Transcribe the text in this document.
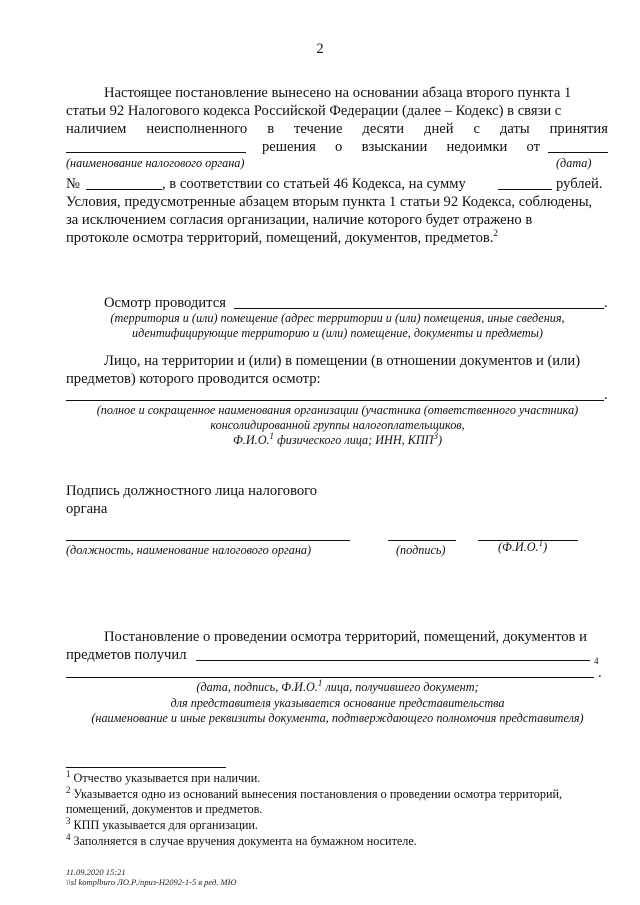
2
Настоящее постановление вынесено на основании абзаца второго пункта 1
статьи 92 Налогового кодекса Российской Федерации (далее – Кодекс) в связи с
наличием неисполненного в течение десяти дней с даты принятия
решения о взыскании недоимки от
(наименование налогового органа)	(дата)
№	, в соответствии со статьей 46 Кодекса, на сумму	рублей.
Условия, предусмотренные абзацем вторым пункта 1 статьи 92 Кодекса, соблюдены,
за исключением согласия организации, наличие которого будет отражено в
протоколе осмотра территорий, помещений, документов, предметов.$^2$
Осмотр проводится	.
(территория и (или) помещение (адрес территории и (или) помещения, иные сведения,
идентифицирующие территорию и (или) помещение, документы и предметы)
Лицо, на территории и (или) в помещении (в отношении документов и (или)
предметов) которого проводится осмотр:
.
(полное и сокращенное наименования организации (участника (ответственного участника)
консолидированной группы налогоплательщиков,
Ф.И.О.$^1$ физического лица; ИНН, КПП$^3$)
Подпись должностного лица налогового
органа
(должность, наименование налогового органа)	(подпись)	(Ф.И.О.$^1$)
Постановление о проведении осмотра территорий, помещений, документов и
предметов получил	4
.
(дата, подпись, Ф.И.О.$^1$ лица, получившего документ;
для представителя указывается основание представительства
(наименование и иные реквизиты документа, подтверждающего полномочия представителя)
$^1$ Отчество указывается при наличии.
$^2$ Указывается одно из оснований вынесения постановления о проведении осмотра территорий,
помещений, документов и предметов.
$^3$ КПП указывается для организации.
$^4$ Заполняется в случае вручения документа на бумажном носителе.
11.09.2020 15:21
\\sl komplburo ЛО.Р./приз-Н2092-1-5 в ред. МЮ
